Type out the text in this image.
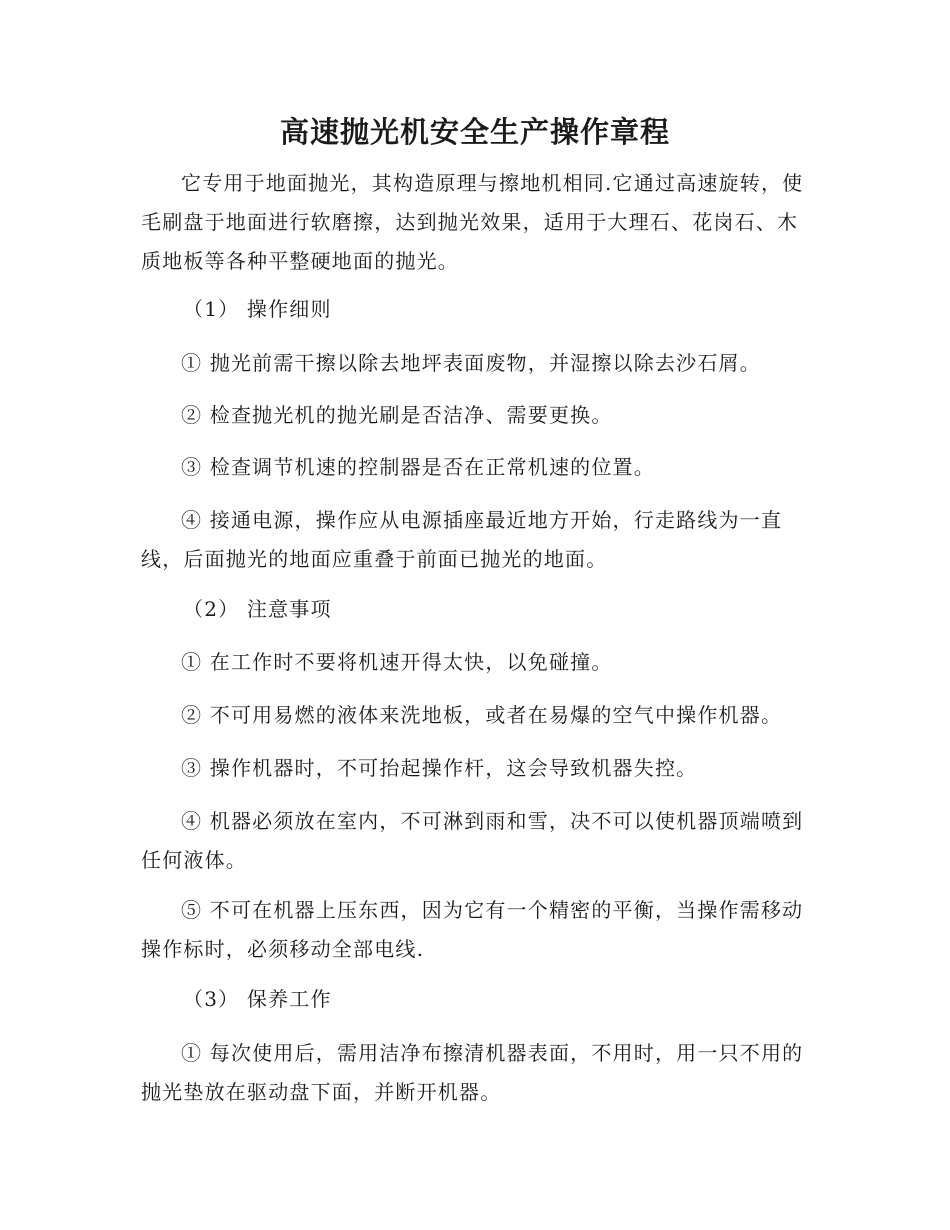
高速抛光机安全生产操作章程

它专用于地面抛光，其构造原理与擦地机相同.它通过高速旋转，使毛刷盘于地面进行软磨擦，达到抛光效果，适用于大理石、花岗石、木质地板等各种平整硬地面的抛光。

（1） 操作细则

① 抛光前需干擦以除去地坪表面废物，并湿擦以除去沙石屑。

② 检查抛光机的抛光刷是否洁净、需要更换。

③ 检查调节机速的控制器是否在正常机速的位置。

④ 接通电源，操作应从电源插座最近地方开始，行走路线为一直线，后面抛光的地面应重叠于前面已抛光的地面。

（2） 注意事项

① 在工作时不要将机速开得太快，以免碰撞。

② 不可用易燃的液体来洗地板，或者在易爆的空气中操作机器。

③ 操作机器时，不可抬起操作杆，这会导致机器失控。

④ 机器必须放在室内，不可淋到雨和雪，决不可以使机器顶端喷到任何液体。

⑤ 不可在机器上压东西，因为它有一个精密的平衡，当操作需移动操作标时，必须移动全部电线.

（3） 保养工作

① 每次使用后，需用洁净布擦清机器表面，不用时，用一只不用的抛光垫放在驱动盘下面，并断开机器。
